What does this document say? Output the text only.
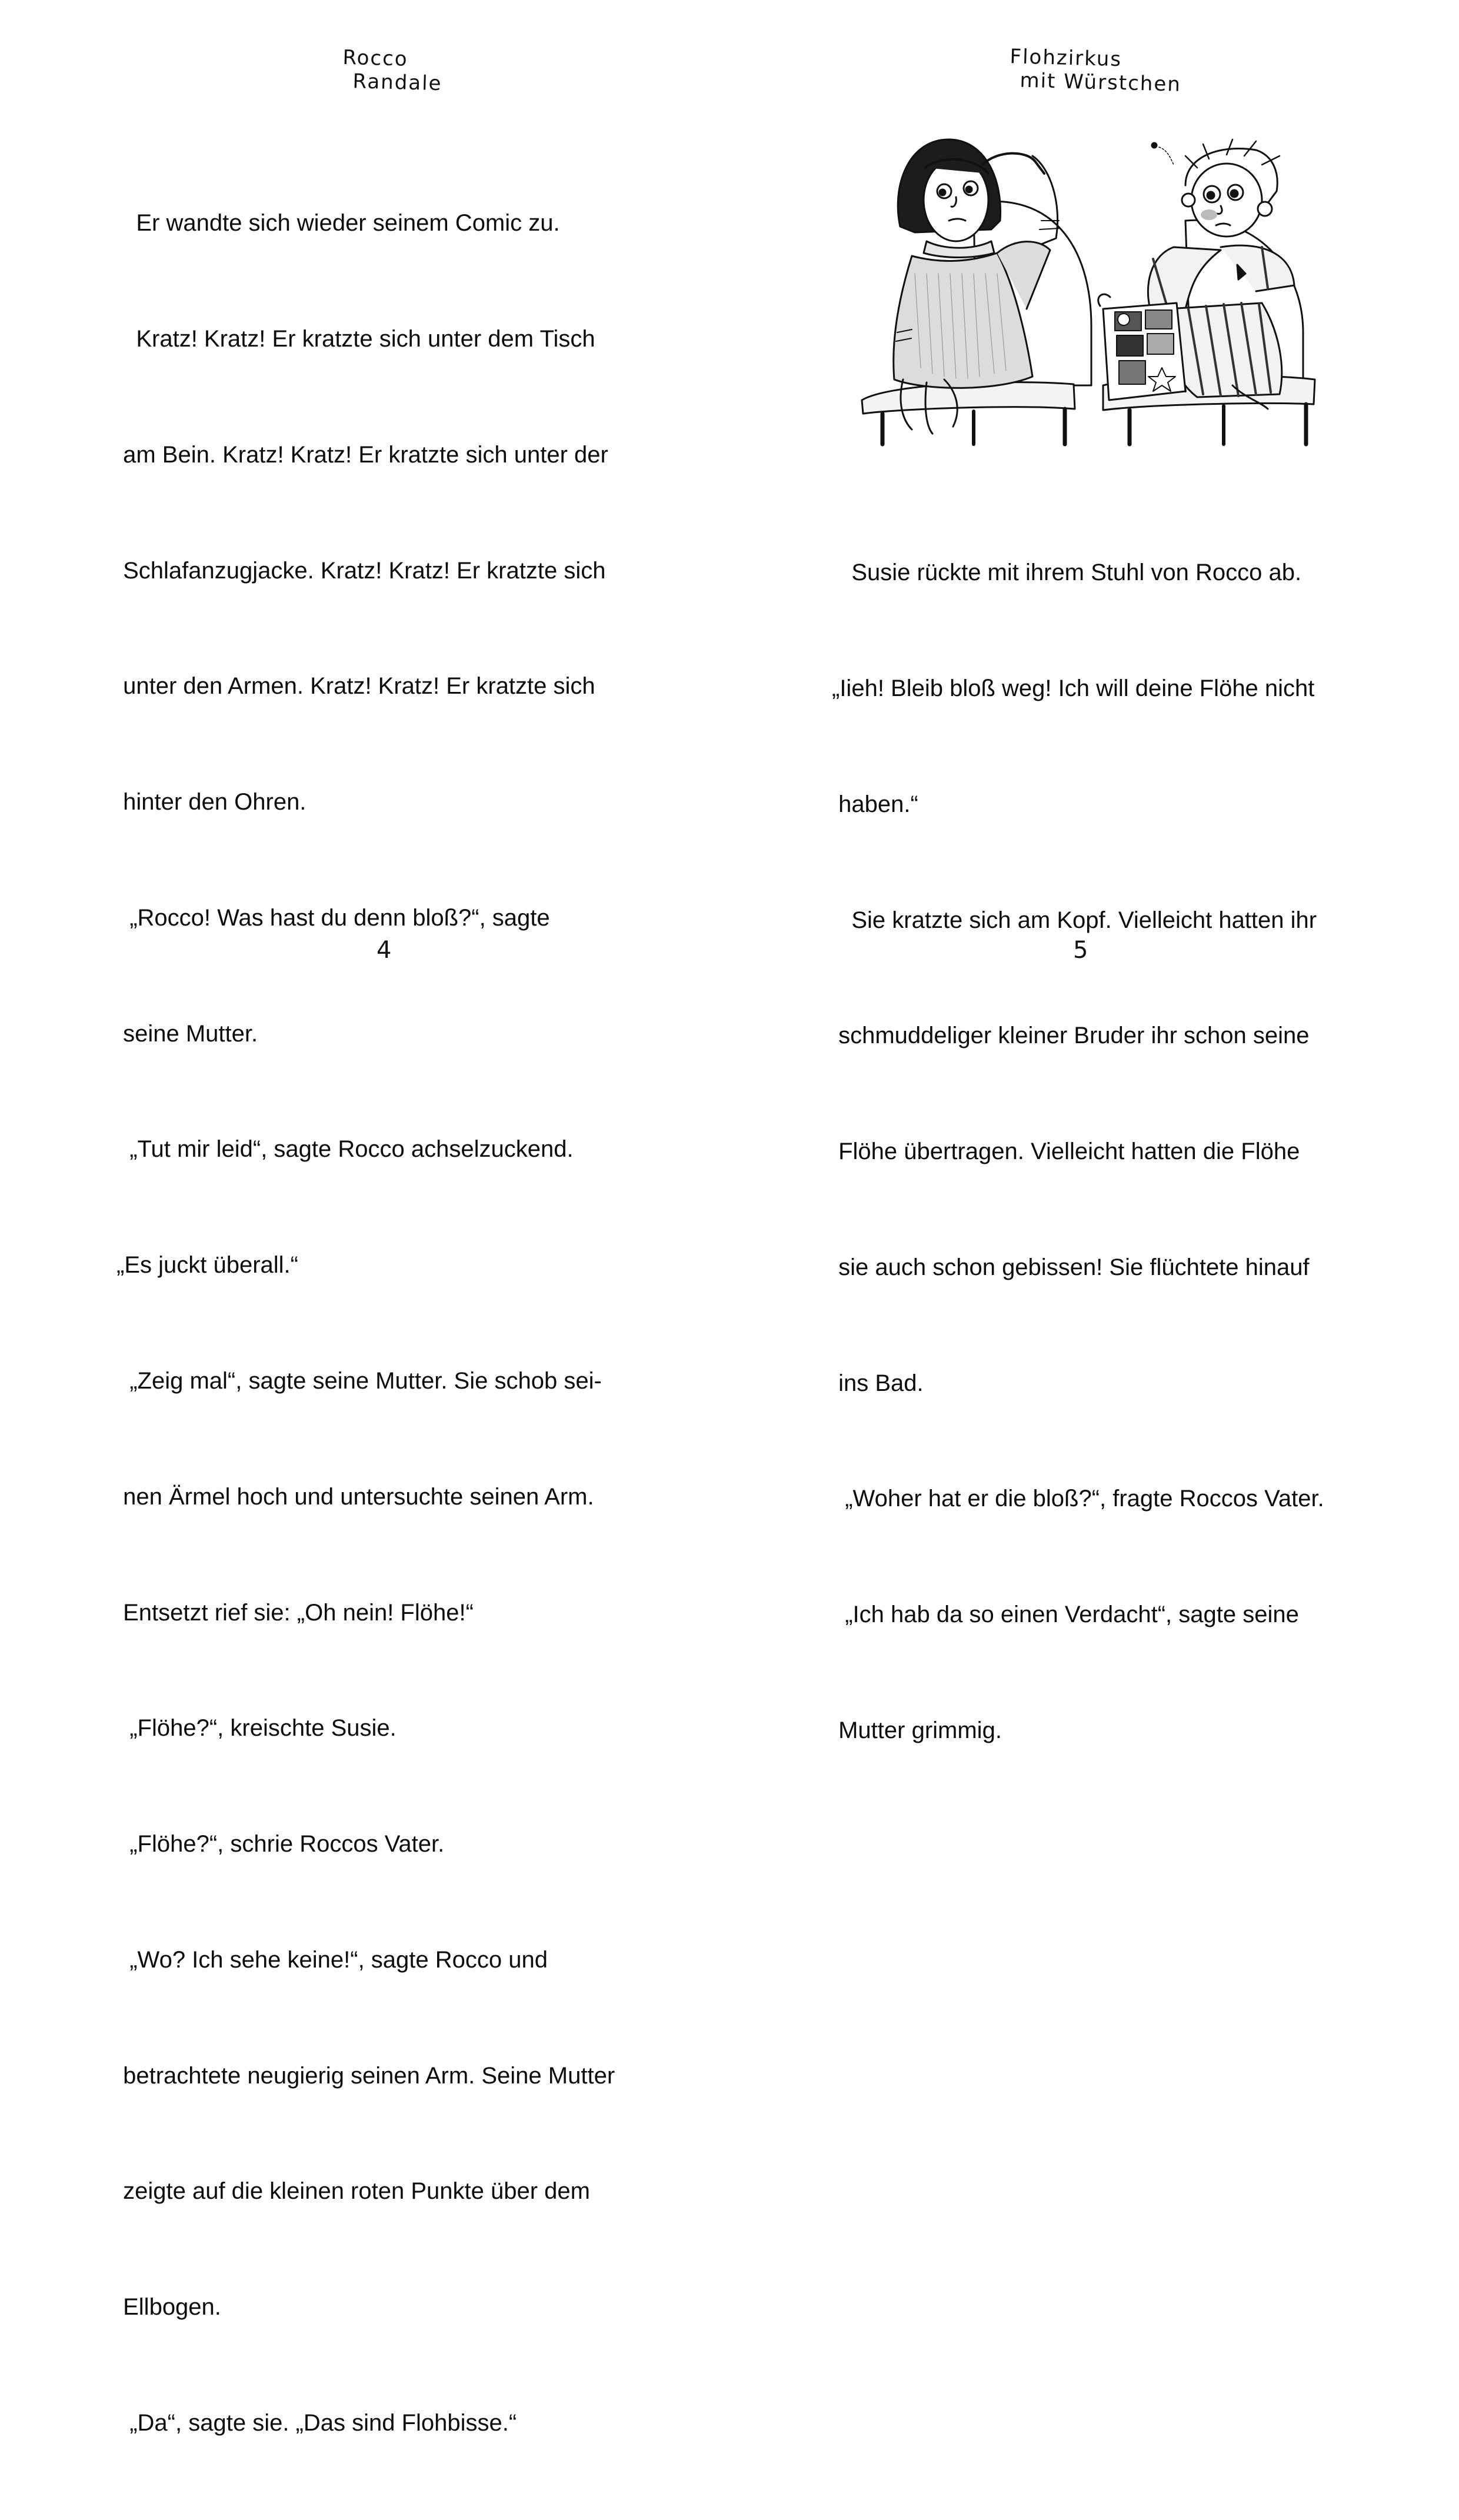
Rocco
Randale

Er wandte sich wieder seinem Comic zu.

Kratz! Kratz! Er kratzte sich unter dem Tisch

am Bein. Kratz! Kratz! Er kratzte sich unter der

Schlafanzugjacke. Kratz! Kratz! Er kratzte sich

unter den Armen. Kratz! Kratz! Er kratzte sich

hinter den Ohren.

„Rocco! Was hast du denn bloß?“, sagte

seine Mutter.

„Tut mir leid“, sagte Rocco achselzuckend.

„Es juckt überall.“

„Zeig mal“, sagte seine Mutter. Sie schob sei-

nen Ärmel hoch und untersuchte seinen Arm.

Entsetzt rief sie: „Oh nein! Flöhe!“

„Flöhe?“, kreischte Susie.

„Flöhe?“, schrie Roccos Vater.

„Wo? Ich sehe keine!“, sagte Rocco und

betrachtete neugierig seinen Arm. Seine Mutter

zeigte auf die kleinen roten Punkte über dem

Ellbogen.

„Da“, sagte sie. „Das sind Flohbisse.“

4
Flohzirkus
mit Würstchen

Susie rückte mit ihrem Stuhl von Rocco ab.

„Iieh! Bleib bloß weg! Ich will deine Flöhe nicht

haben.“

Sie kratzte sich am Kopf. Vielleicht hatten ihr

schmuddeliger kleiner Bruder ihr schon seine

Flöhe übertragen. Vielleicht hatten die Flöhe

sie auch schon gebissen! Sie flüchtete hinauf

ins Bad.

„Woher hat er die bloß?“, fragte Roccos Vater.

„Ich hab da so einen Verdacht“, sagte seine

Mutter grimmig.

5
